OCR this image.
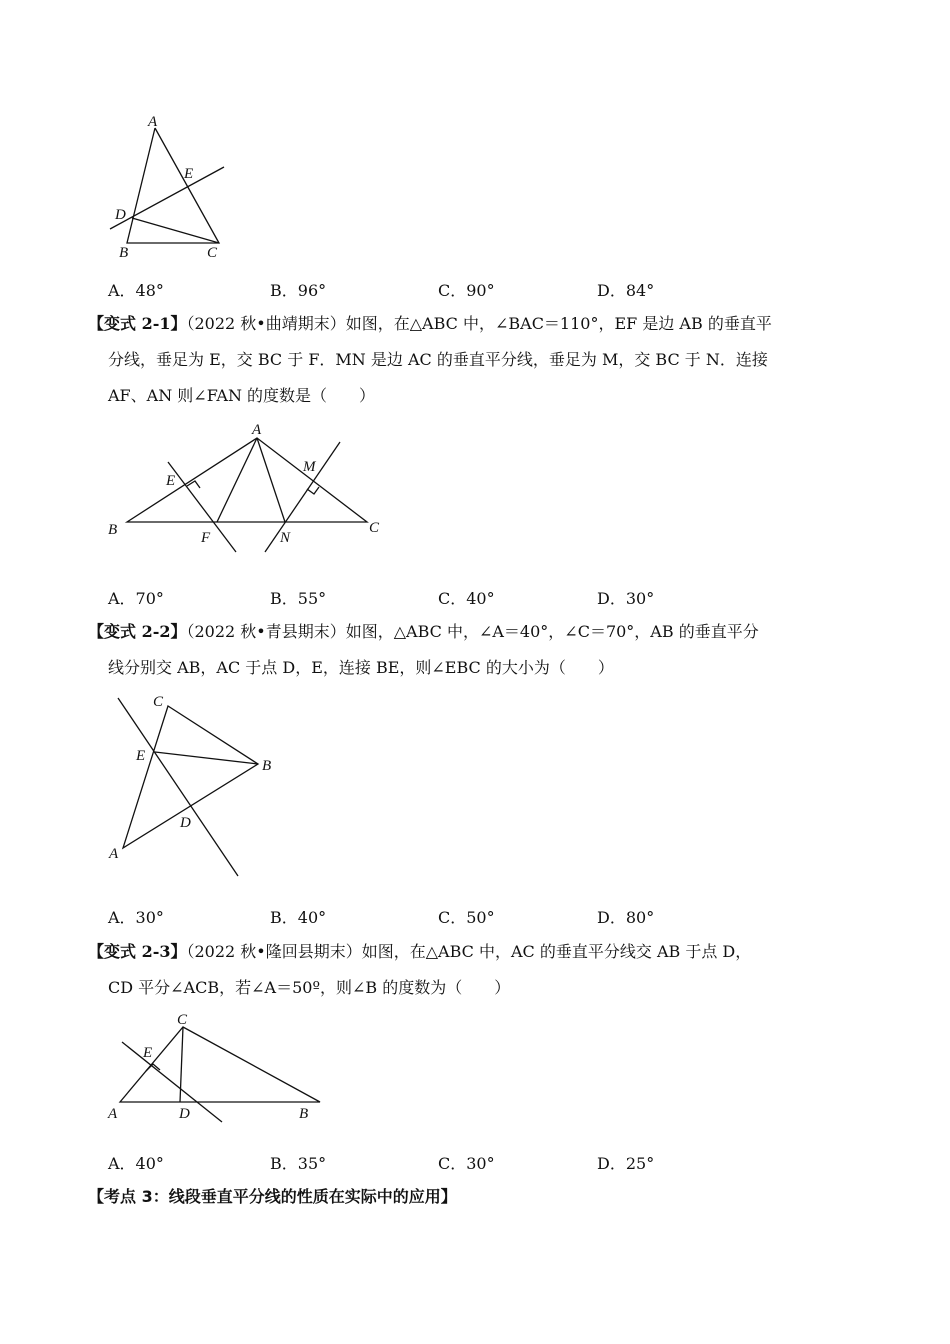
A
E
D
B	C
A．48°	B．96°	C．90°	D．84°
【变式 2-1】（2022 秋•曲靖期末）如图，在△ABC 中，∠BAC＝110°，EF 是边 AB 的垂直平
分线，垂足为 E，交 BC 于 F．MN 是边 AC 的垂直平分线，垂足为 M，交 BC 于 N．连接
AF、AN 则∠FAN 的度数是（　　）
A
E
M
B	F	N
C
A．70°	B．55°	C．40°	D．30°
【变式 2-2】（2022 秋•青县期末）如图，△ABC 中，∠A＝40°，∠C＝70°，AB 的垂直平分
线分别交 AB，AC 于点 D，E，连接 BE，则∠EBC 的大小为（　　）
C
E
B
D
A
A．30°	B．40°	C．50°	D．80°
【变式 2-3】（2022 秋•隆回县期末）如图，在△ABC 中，AC 的垂直平分线交 AB 于点 D，
CD 平分∠ACB，若∠A＝50º，则∠B 的度数为（　　）
C
E
A	D	B
A．40°	B．35°	C．30°	D．25°
【考点 3：线段垂直平分线的性质在实际中的应用】
